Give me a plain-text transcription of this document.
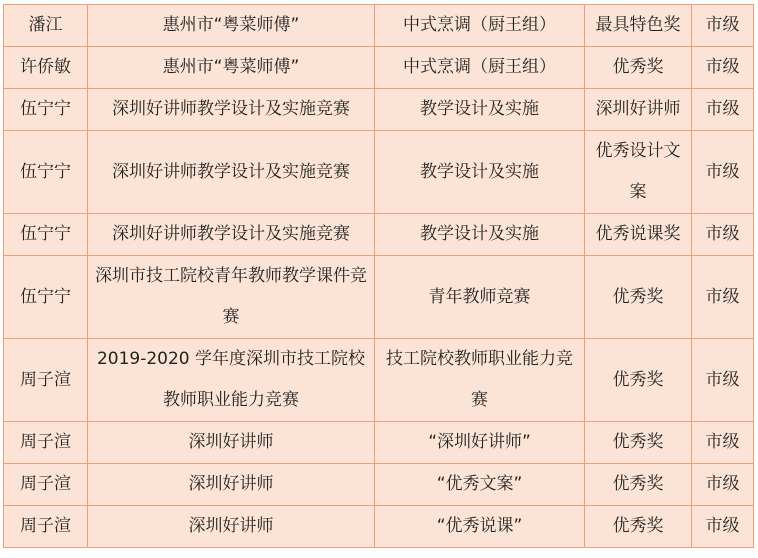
潘江	惠州市“粤菜师傅”	中式烹调（厨王组）	最具特色奖	市级
许侨敏	惠州市“粤菜师傅”	中式烹调（厨王组）	优秀奖	市级
伍宁宁	深圳好讲师教学设计及实施竞赛	教学设计及实施	深圳好讲师	市级
伍宁宁	深圳好讲师教学设计及实施竞赛	教学设计及实施	优秀设计文案	市级
伍宁宁	深圳好讲师教学设计及实施竞赛	教学设计及实施	优秀说课奖	市级
伍宁宁	深圳市技工院校青年教师教学课件竞赛	青年教师竞赛	优秀奖	市级
周子渲	2019-2020 学年度深圳市技工院校教师职业能力竞赛	技工院校教师职业能力竞赛	优秀奖	市级
周子渲	深圳好讲师	“深圳好讲师”	优秀奖	市级
周子渲	深圳好讲师	“优秀文案”	优秀奖	市级
周子渲	深圳好讲师	“优秀说课”	优秀奖	市级
